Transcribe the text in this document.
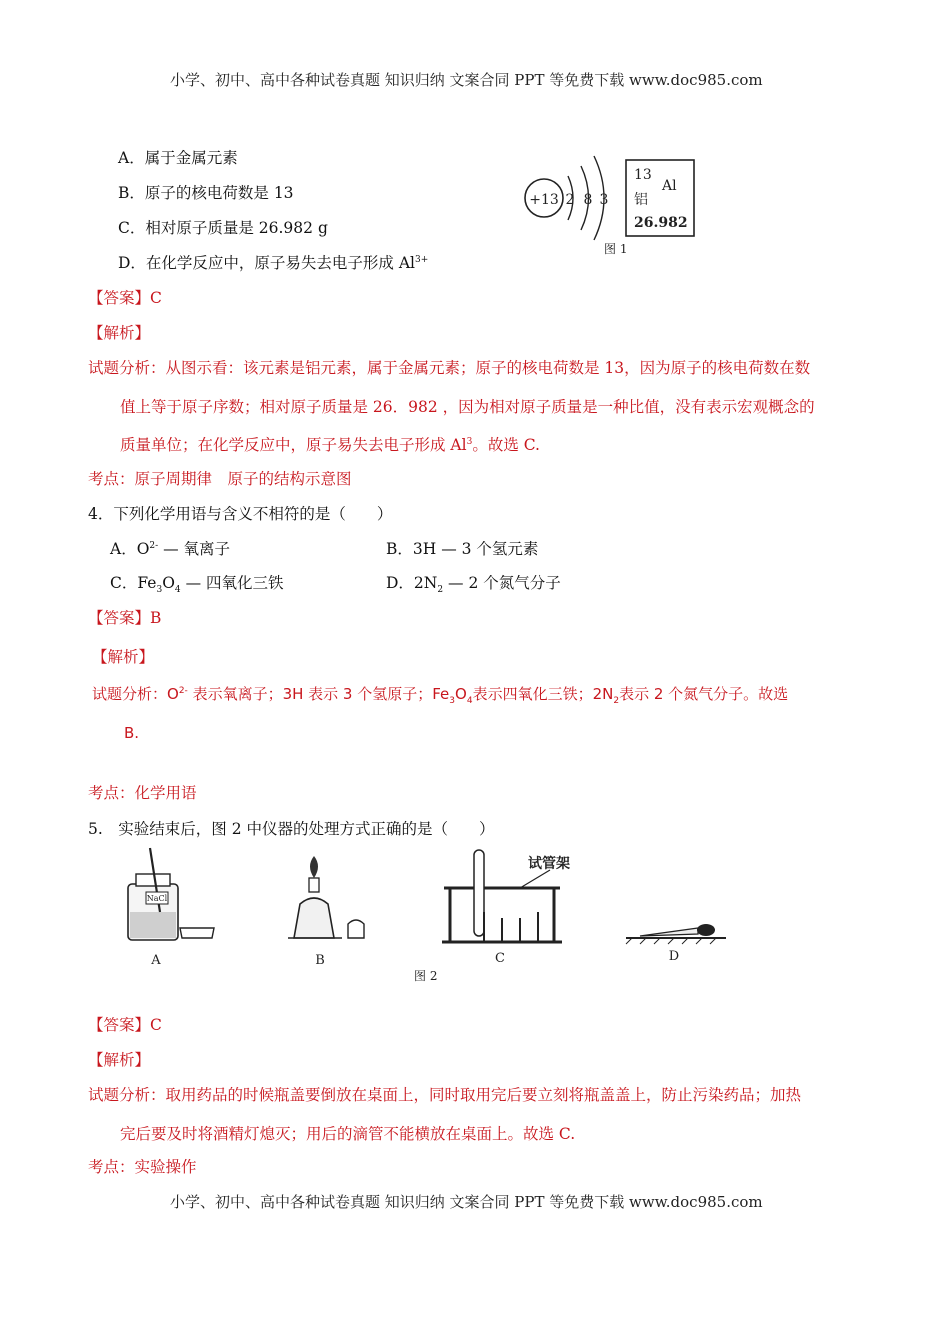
小学、初中、高中各种试卷真题 知识归纳 文案合同 PPT 等免费下载 www.doc985.com
A．属于金属元素
B．原子的核电荷数是 13
C．相对原子质量是 26.982 g
D．在化学反应中，原子易失去电子形成 $Al^{3+}$
+13 2 8 3
13
Al
铝
26.982
图 1
【答案】C
【解析】
试题分析：从图示看：该元素是铝元素，属于金属元素；原子的核电荷数是 13，因为原子的核电荷数在数
值上等于原子序数；相对原子质量是 26．982 ，因为相对原子质量是一种比值，没有表示宏观概念的
质量单位；在化学反应中，原子易失去电子形成 Al$^3$。故选 C.
考点：原子周期律　原子的结构示意图
4．下列化学用语与含义不相符的是（　　）
A．$O^{2-}$ — 氧离子	B．3H — 3 个氢元素
C．$Fe_3O_4$ — 四氧化三铁	D．$2N_2$ — 2 个氮气分子
【答案】B
【解析】
试题分析：$O^{2-}$ 表示氧离子；3H 表示 3 个氢原子；$Fe_3O_4$表示四氧化三铁；$2N_2$表示 2 个氮气分子。故选
B.
考点：化学用语
5.　实验结束后，图 2 中仪器的处理方式正确的是（　　）
NaCl
A	B
试管架
C	D
图 2
【答案】C
【解析】
试题分析：取用药品的时候瓶盖要倒放在桌面上，同时取用完后要立刻将瓶盖盖上，防止污染药品；加热
完后要及时将酒精灯熄灭；用后的滴管不能横放在桌面上。故选 C.
考点：实验操作
小学、初中、高中各种试卷真题 知识归纳 文案合同 PPT 等免费下载 www.doc985.com
